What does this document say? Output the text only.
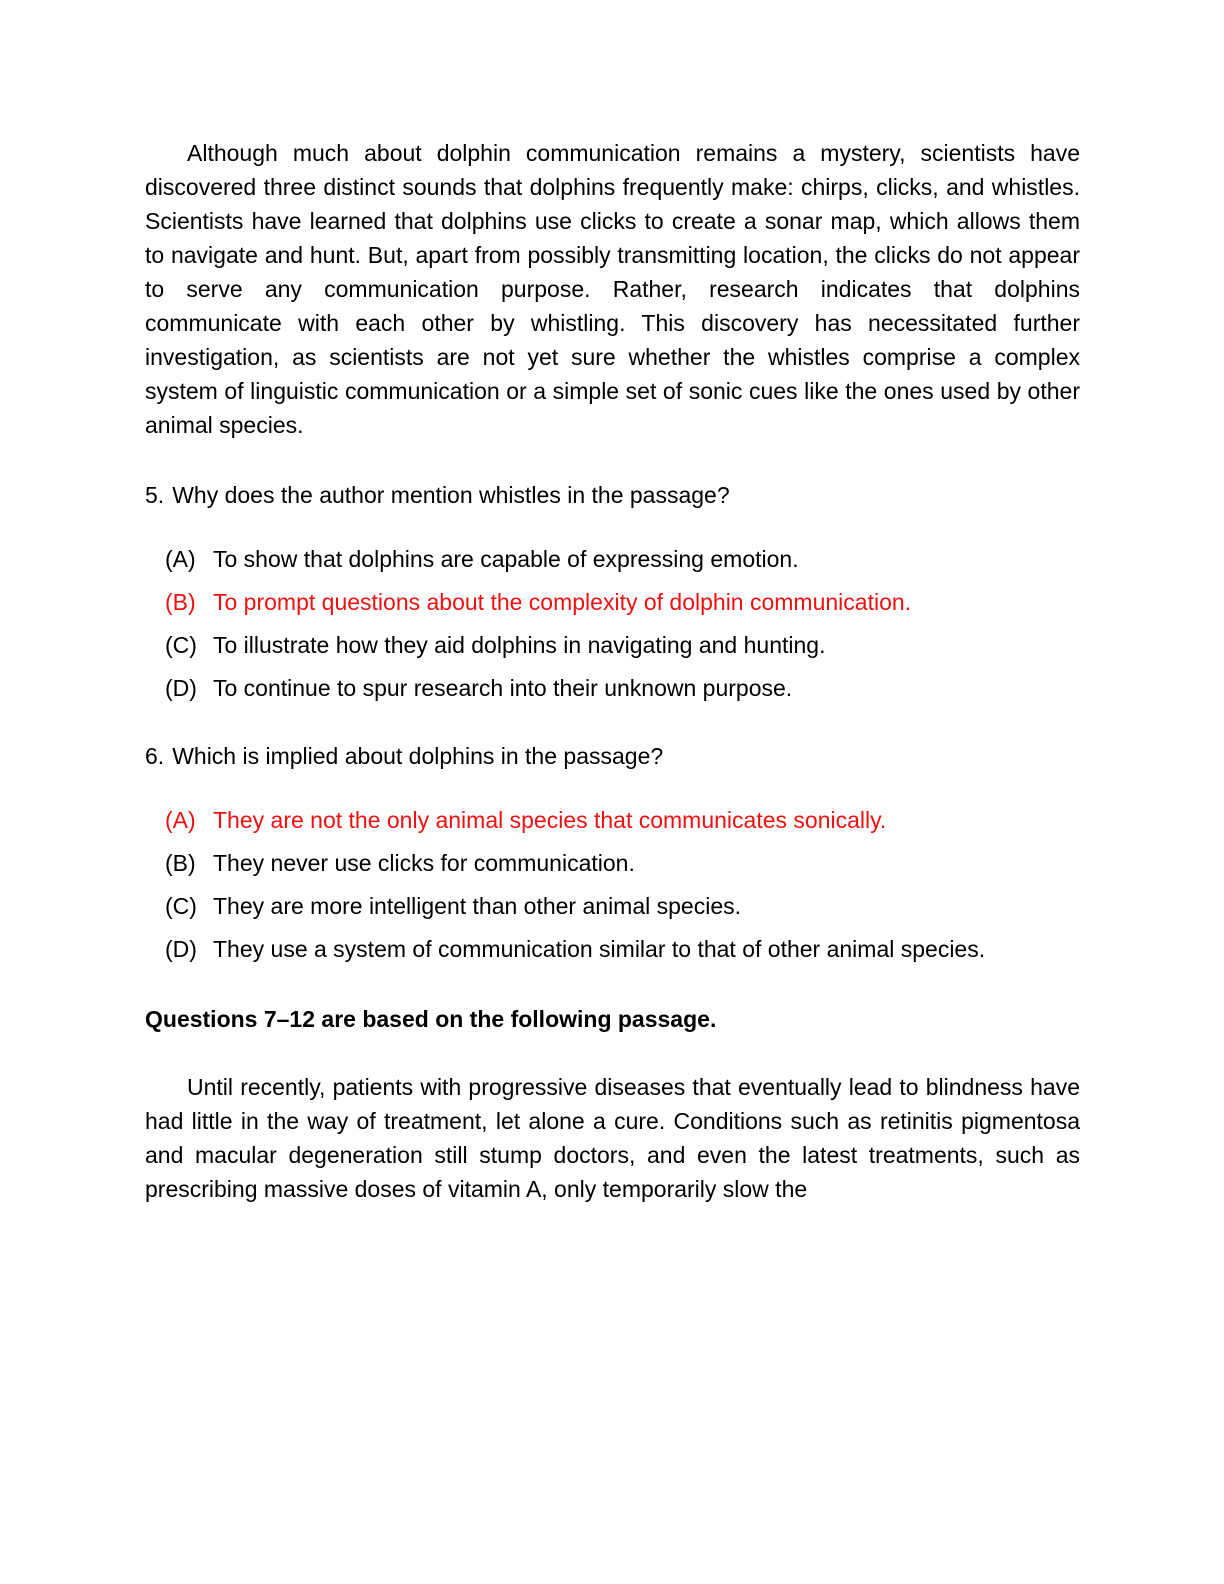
Although much about dolphin communication remains a mystery, scientists have discovered three distinct sounds that dolphins frequently make: chirps, clicks, and whistles. Scientists have learned that dolphins use clicks to create a sonar map, which allows them to navigate and hunt. But, apart from possibly transmitting location, the clicks do not appear to serve any communication purpose. Rather, research indicates that dolphins communicate with each other by whistling. This discovery has necessitated further investigation, as scientists are not yet sure whether the whistles comprise a complex system of linguistic communication or a simple set of sonic cues like the ones used by other animal species.

5. Why does the author mention whistles in the passage?

(A) To show that dolphins are capable of expressing emotion.
(B) To prompt questions about the complexity of dolphin communication.
(C) To illustrate how they aid dolphins in navigating and hunting.
(D) To continue to spur research into their unknown purpose.

6. Which is implied about dolphins in the passage?

(A) They are not the only animal species that communicates sonically.
(B) They never use clicks for communication.
(C) They are more intelligent than other animal species.
(D) They use a system of communication similar to that of other animal species.

Questions 7–12 are based on the following passage.

Until recently, patients with progressive diseases that eventually lead to blindness have had little in the way of treatment, let alone a cure. Conditions such as retinitis pigmentosa and macular degeneration still stump doctors, and even the latest treatments, such as prescribing massive doses of vitamin A, only temporarily slow the
